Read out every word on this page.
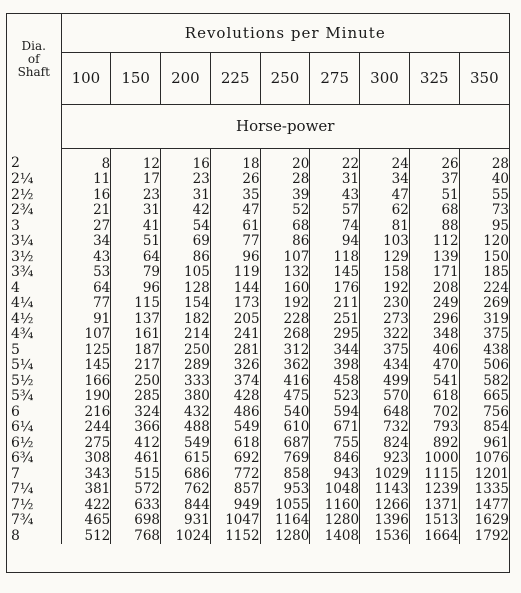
Dia.
of
Shaft	Revolutions per Minute								
	100	150	200	225	250	275	300	325	350
	Horse-power								
2	8	12	16	18	20	22	24	26	28
2¼	11	17	23	26	28	31	34	37	40
2½	16	23	31	35	39	43	47	51	55
2¾	21	31	42	47	52	57	62	68	73
3	27	41	54	61	68	74	81	88	95
3¼	34	51	69	77	86	94	103	112	120
3½	43	64	86	96	107	118	129	139	150
3¾	53	79	105	119	132	145	158	171	185
4	64	96	128	144	160	176	192	208	224
4¼	77	115	154	173	192	211	230	249	269
4½	91	137	182	205	228	251	273	296	319
4¾	107	161	214	241	268	295	322	348	375
5	125	187	250	281	312	344	375	406	438
5¼	145	217	289	326	362	398	434	470	506
5½	166	250	333	374	416	458	499	541	582
5¾	190	285	380	428	475	523	570	618	665
6	216	324	432	486	540	594	648	702	756
6¼	244	366	488	549	610	671	732	793	854
6½	275	412	549	618	687	755	824	892	961
6¾	308	461	615	692	769	846	923	1000	1076
7	343	515	686	772	858	943	1029	1115	1201
7¼	381	572	762	857	953	1048	1143	1239	1335
7½	422	633	844	949	1055	1160	1266	1371	1477
7¾	465	698	931	1047	1164	1280	1396	1513	1629
8	512	768	1024	1152	1280	1408	1536	1664	1792
